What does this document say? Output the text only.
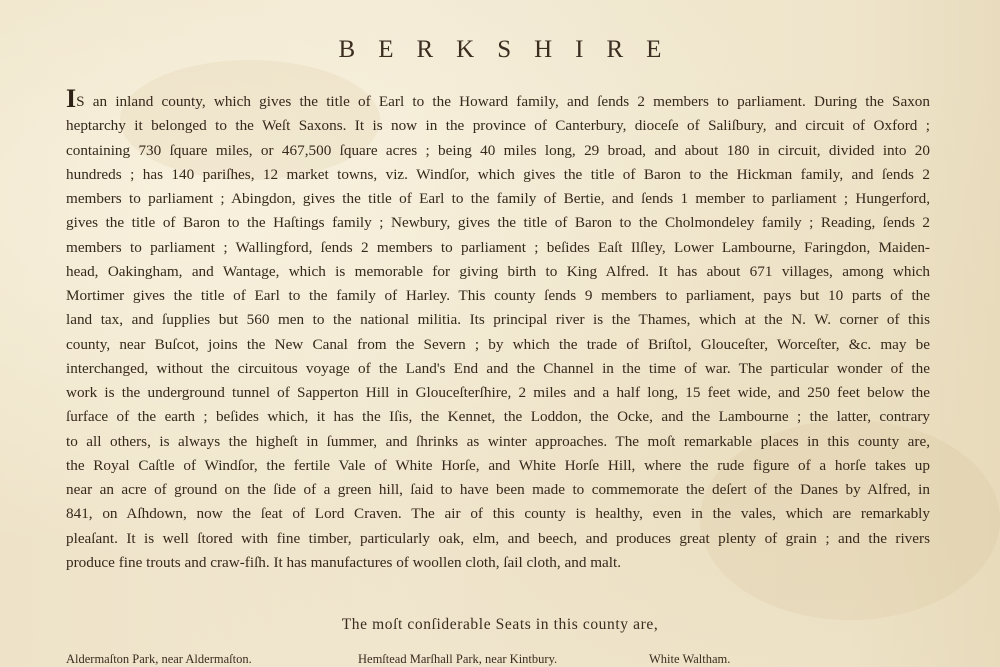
BERKSHIRE
IS an inland county, which gives the title of Earl to the Howard family, and ſends 2 members to parliament. During the Saxon
heptarchy it belonged to the Weſt Saxons. It is now in the province of Canterbury, dioceſe of Saliſbury, and circuit of Oxford ;
containing 730 ſquare miles, or 467,500 ſquare acres ; being 40 miles long, 29 broad, and about 180 in circuit, divided into 20
hundreds ; has 140 pariſhes, 12 market towns, viz. Windſor, which gives the title of Baron to the Hickman family, and ſends 2
members to parliament ; Abingdon, gives the title of Earl to the family of Bertie, and ſends 1 member to parliament ; Hungerford,
gives the title of Baron to the Haſtings family ; Newbury, gives the title of Baron to the Cholmondeley family ; Reading, ſends 2
members to parliament ; Wallingford, ſends 2 members to parliament ; beſides Eaſt Ilſley, Lower Lambourne, Faringdon, Maiden-
head, Oakingham, and Wantage, which is memorable for giving birth to King Alfred. It has about 671 villages, among which
Mortimer gives the title of Earl to the family of Harley. This county ſends 9 members to parliament, pays but 10 parts of the
land tax, and ſupplies but 560 men to the national militia. Its principal river is the Thames, which at the N. W. corner of this
county, near Buſcot, joins the New Canal from the Severn ; by which the trade of Briſtol, Glouceſter, Worceſter, &c. may be
interchanged, without the circuitous voyage of the Land's End and the Channel in the time of war. The particular wonder of the
work is the underground tunnel of Sapperton Hill in Glouceſterſhire, 2 miles and a half long, 15 feet wide, and 250 feet below the
ſurface of the earth ; beſides which, it has the Iſis, the Kennet, the Loddon, the Ocke, and the Lambourne ; the latter, contrary
to all others, is always the higheſt in ſummer, and ſhrinks as winter approaches. The moſt remarkable places in this county are,
the Royal Caſtle of Windſor, the fertile Vale of White Horſe, and White Horſe Hill, where the rude figure of a horſe takes up
near an acre of ground on the ſide of a green hill, ſaid to have been made to commemorate the deſert of the Danes by Alfred, in
841, on Aſhdown, now the ſeat of Lord Craven. The air of this county is healthy, even in the vales, which are remarkably
pleaſant. It is well ſtored with fine timber, particularly oak, elm, and beech, and produces great plenty of grain ; and the rivers
produce fine trouts and craw-fiſh. It has manufactures of woollen cloth, ſail cloth, and malt.
The moſt conſiderable Seats in this county are,
Aldermaſton Park, near Aldermaſton.	Hemſtead Marſhall Park, near Kintbury.	White Waltham.
